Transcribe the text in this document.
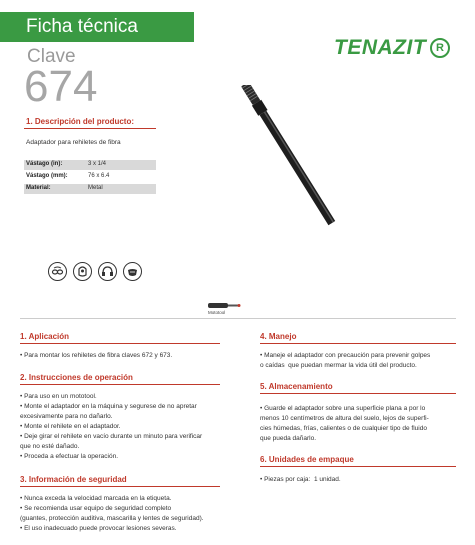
Ficha técnica
Clave
674
TENAZIT R
1. Descripción del producto:
Adaptador para rehiletes de fibra
Vástago (in):	3 x 1/4
Vástago (mm):	76 x 6.4
Material:	Metal
Mototool
1. Aplicación
• Para montar los rehiletes de fibra claves 672 y 673.
2. Instrucciones de operación
• Para uso en un mototool.
• Monte el adaptador en la máquina y segurese de no apretar
excesivamente para no dañarlo.
• Monte el rehilete en el adaptador.
• Deje girar el rehilete en vacío durante un minuto para verificar
que no esté dañado.
• Proceda a efectuar la operación.
3. Información de seguridad
• Nunca exceda la velocidad marcada en la etiqueta.
• Se recomienda usar equipo de seguridad completo
(guantes, protección auditiva, mascarilla y lentes de seguridad).
• El uso inadecuado puede provocar lesiones severas.
4. Manejo
• Maneje el adaptador con precaución para prevenir golpes
o caídas  que puedan mermar la vida útil del producto.
5. Almacenamiento
• Guarde el adaptador sobre una superficie plana a por lo
menos 10 centímetros de altura del suelo, lejos de superfi-
cies húmedas, frías, calientes o de cualquier tipo de fluido
que pueda dañarlo.
6. Unidades de empaque
• Piezas por caja:  1 unidad.
